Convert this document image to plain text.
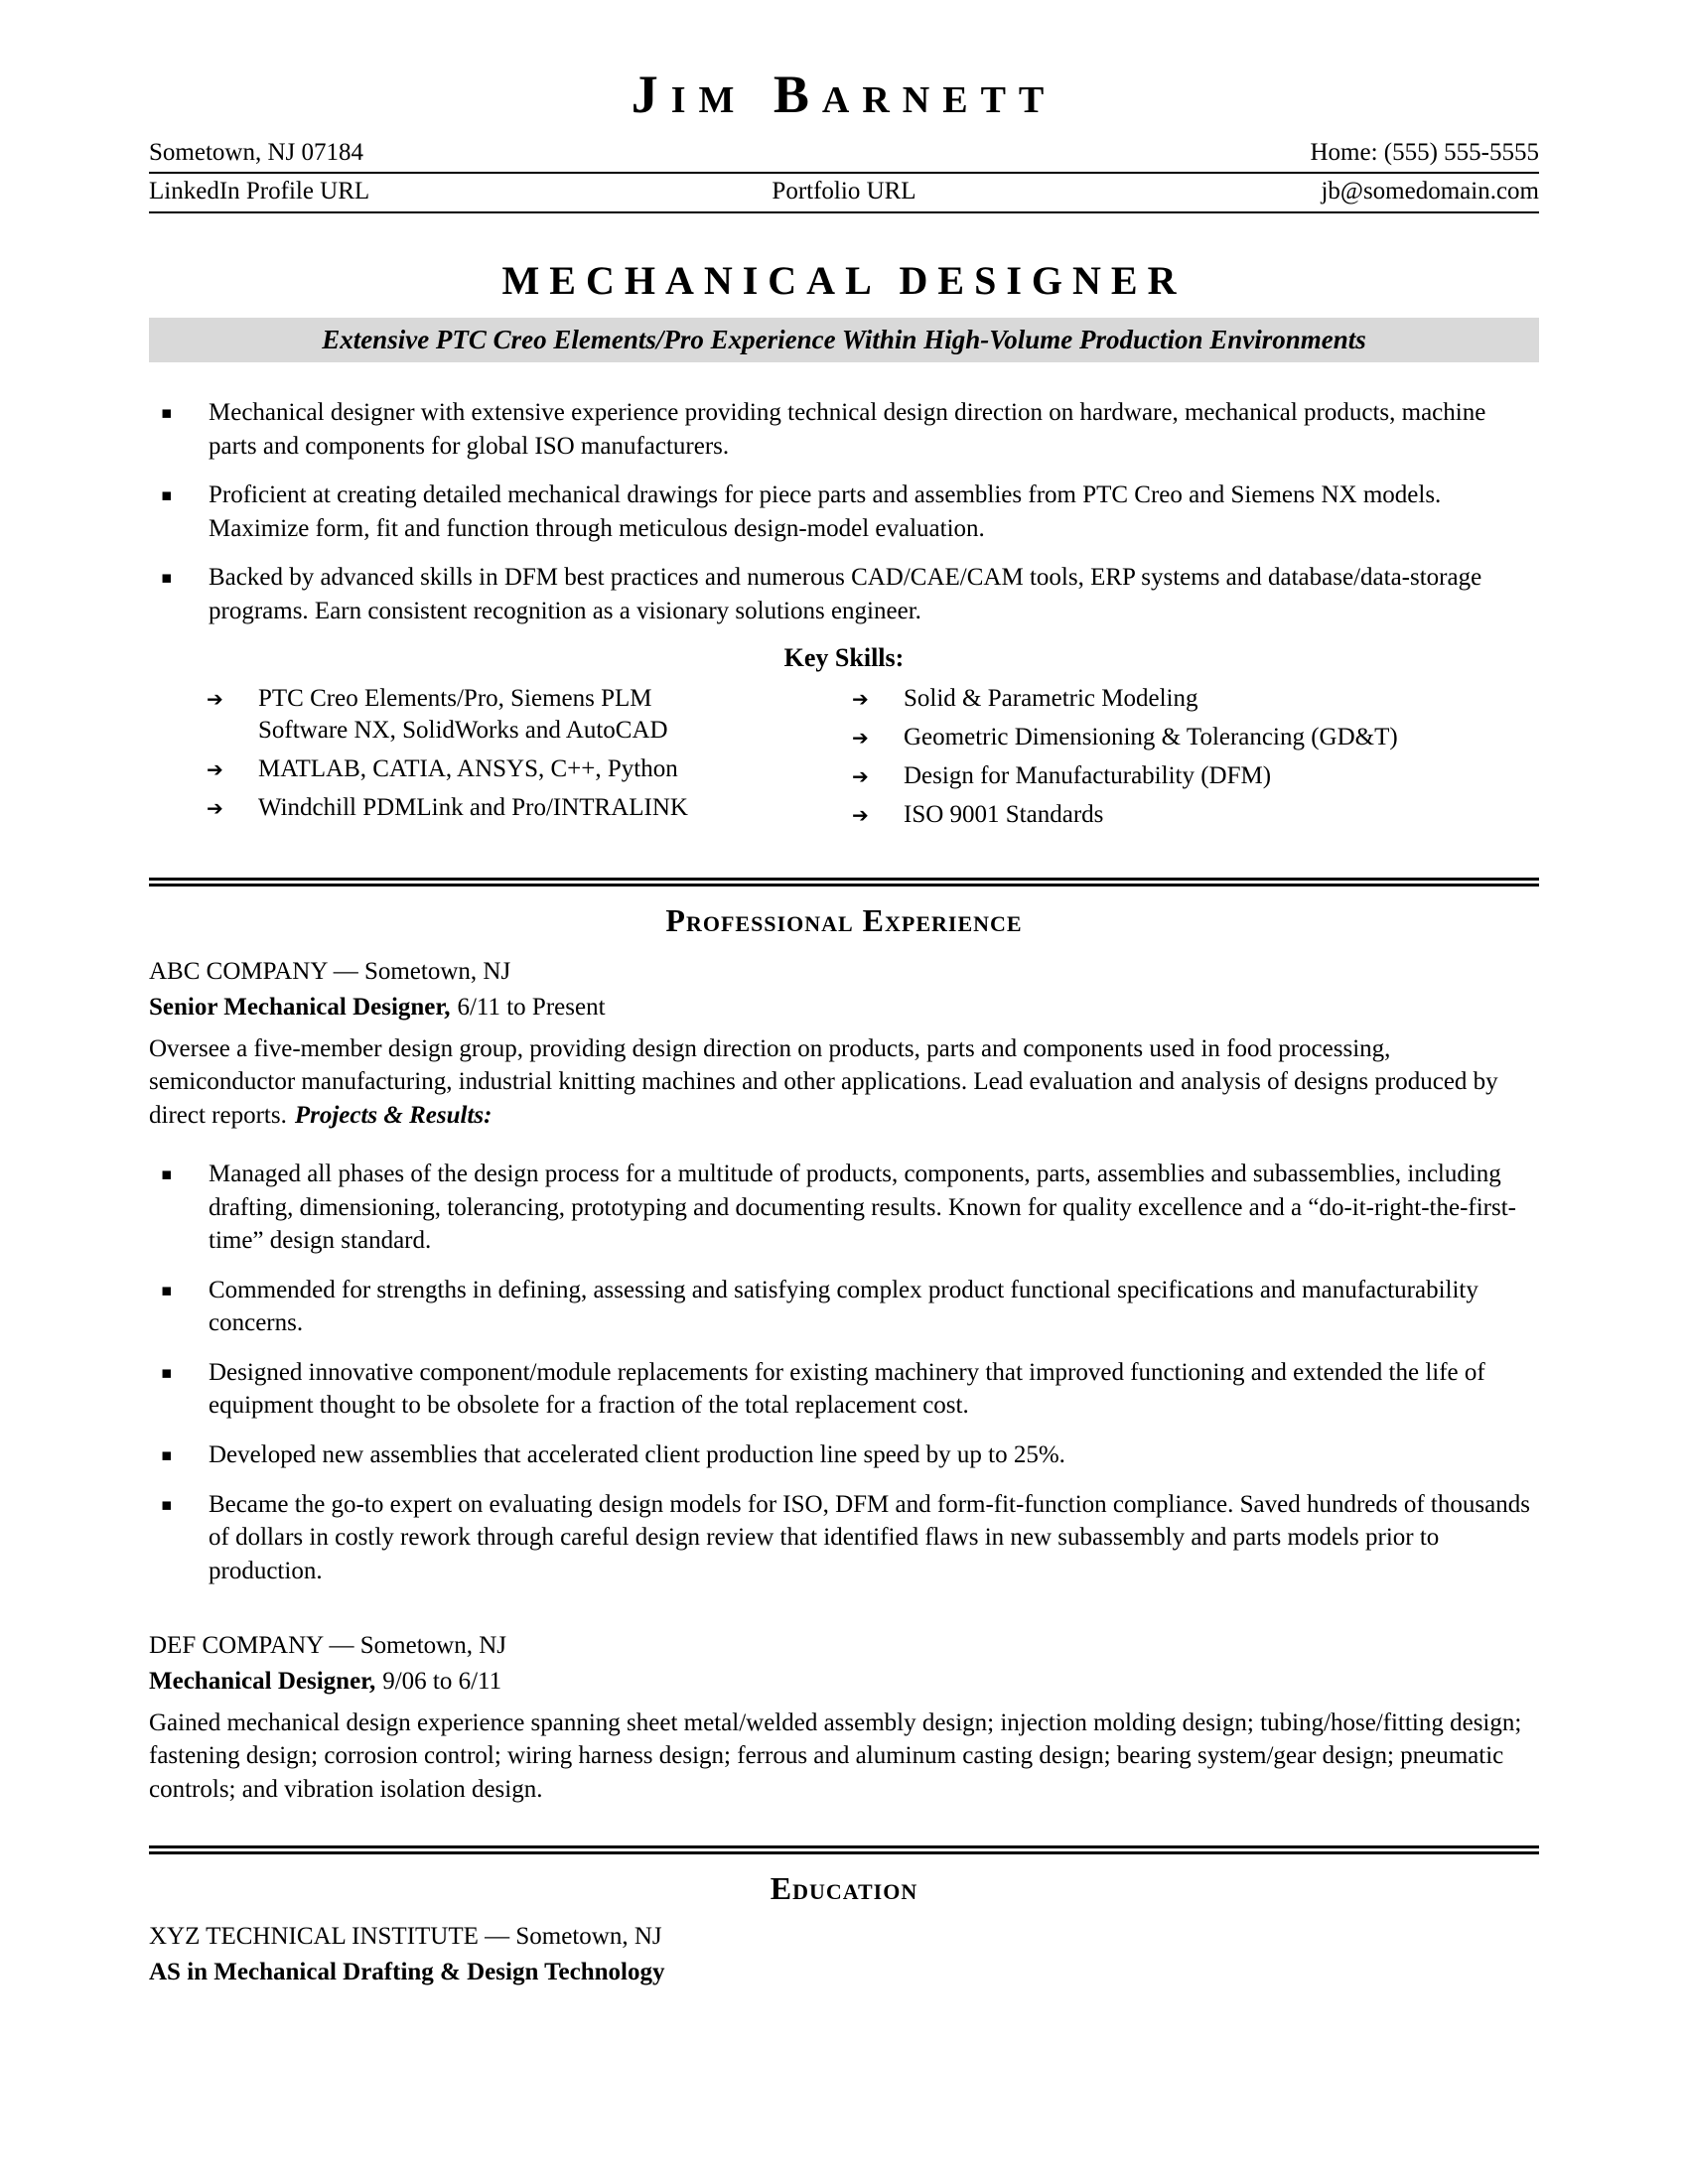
Jim Barnett
Sometown, NJ 07184	Home: (555) 555-5555
LinkedIn Profile URL	Portfolio URL	jb@somedomain.com
MECHANICAL DESIGNER
Extensive PTC Creo Elements/Pro Experience Within High-Volume Production Environments
▪	Mechanical designer with extensive experience providing technical design direction on hardware, mechanical products, machine parts and components for global ISO manufacturers.
▪	Proficient at creating detailed mechanical drawings for piece parts and assemblies from PTC Creo and Siemens NX models. Maximize form, fit and function through meticulous design-model evaluation.
▪	Backed by advanced skills in DFM best practices and numerous CAD/CAE/CAM tools, ERP systems and database/data-storage programs. Earn consistent recognition as a visionary solutions engineer.
Key Skills:
➔	PTC Creo Elements/Pro, Siemens PLM Software NX, SolidWorks and AutoCAD
➔	MATLAB, CATIA, ANSYS, C++, Python
➔	Windchill PDMLink and Pro/INTRALINK
➔	Solid & Parametric Modeling
➔	Geometric Dimensioning & Tolerancing (GD&T)
➔	Design for Manufacturability (DFM)
➔	ISO 9001 Standards
Professional Experience
ABC COMPANY — Sometown, NJ
Senior Mechanical Designer, 6/11 to Present

Oversee a five-member design group, providing design direction on products, parts and components used in food processing, semiconductor manufacturing, industrial knitting machines and other applications. Lead evaluation and analysis of designs produced by direct reports. Projects & Results:

▪	Managed all phases of the design process for a multitude of products, components, parts, assemblies and subassemblies, including drafting, dimensioning, tolerancing, prototyping and documenting results. Known for quality excellence and a “do-it-right-the-first-time” design standard.
▪	Commended for strengths in defining, assessing and satisfying complex product functional specifications and manufacturability concerns.
▪	Designed innovative component/module replacements for existing machinery that improved functioning and extended the life of equipment thought to be obsolete for a fraction of the total replacement cost.
▪	Developed new assemblies that accelerated client production line speed by up to 25%.
▪	Became the go-to expert on evaluating design models for ISO, DFM and form-fit-function compliance. Saved hundreds of thousands of dollars in costly rework through careful design review that identified flaws in new subassembly and parts models prior to production.
DEF COMPANY — Sometown, NJ
Mechanical Designer, 9/06 to 6/11

Gained mechanical design experience spanning sheet metal/welded assembly design; injection molding design; tubing/hose/fitting design; fastening design; corrosion control; wiring harness design; ferrous and aluminum casting design; bearing system/gear design; pneumatic controls; and vibration isolation design.

Education
XYZ TECHNICAL INSTITUTE — Sometown, NJ
AS in Mechanical Drafting & Design Technology
